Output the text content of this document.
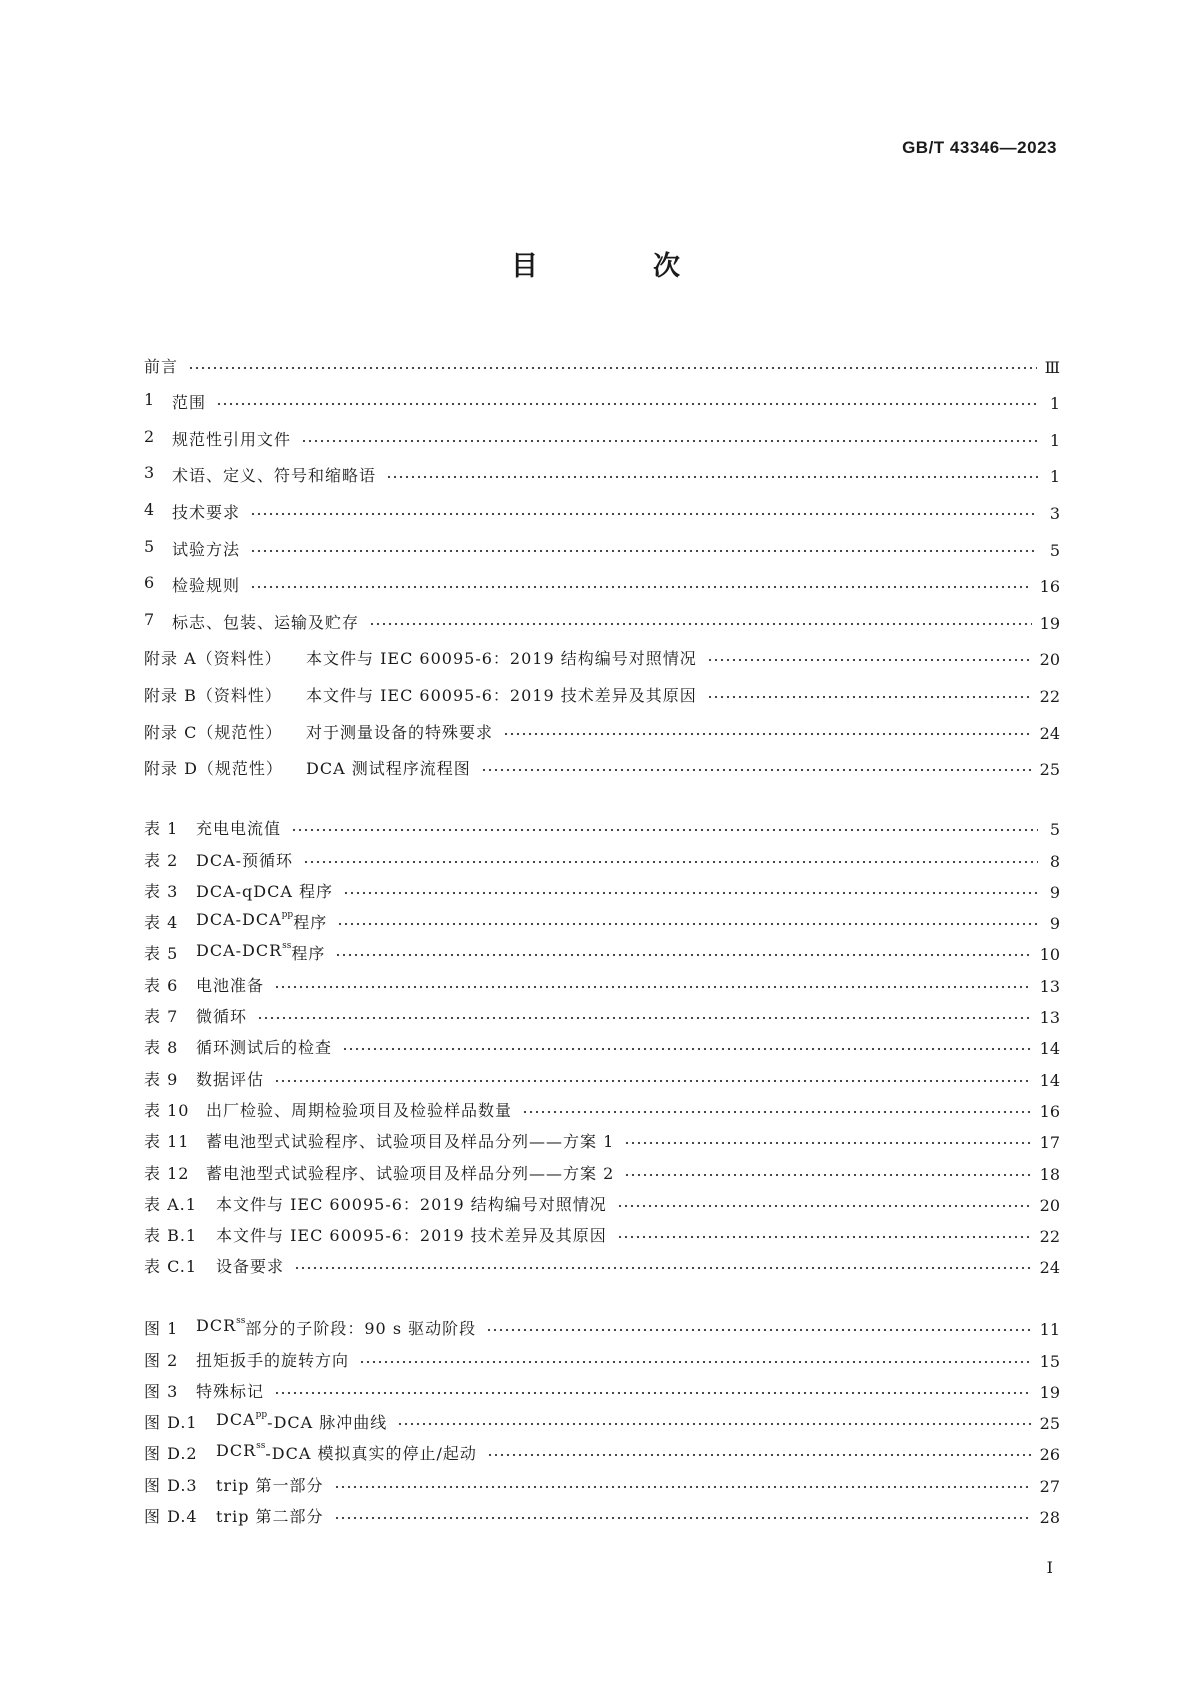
GB/T 43346—2023
目　次
前言	Ⅲ
1	范围	1
2	规范性引用文件	1
3	术语、定义、符号和缩略语	1
4	技术要求	3
5	试验方法	5
6	检验规则	16
7	标志、包装、运输及贮存	19
附录 A（资料性）	本文件与 IEC 60095-6：2019 结构编号对照情况	20
附录 B（资料性）	本文件与 IEC 60095-6：2019 技术差异及其原因	22
附录 C（规范性）	对于测量设备的特殊要求	24
附录 D（规范性）	DCA 测试程序流程图	25
表 1	充电电流值	5
表 2	DCA-预循环	8
表 3	DCA-qDCA 程序	9
表 4	DCA-DCA pp 程序	9
表 5	DCA-DCR ss 程序	10
表 6	电池准备	13
表 7	微循环	13
表 8	循环测试后的检查	14
表 9	数据评估	14
表 10	出厂检验、周期检验项目及检验样品数量	16
表 11	蓄电池型式试验程序、试验项目及样品分列——方案 1	17
表 12	蓄电池型式试验程序、试验项目及样品分列——方案 2	18
表 A.1	本文件与 IEC 60095-6：2019 结构编号对照情况	20
表 B.1	本文件与 IEC 60095-6：2019 技术差异及其原因	22
表 C.1	设备要求	24
图 1	DCR ss 部分的子阶段：90 s 驱动阶段	11
图 2	扭矩扳手的旋转方向	15
图 3	特殊标记	19
图 D.1	DCA pp -DCA 脉冲曲线	25
图 D.2	DCR ss -DCA 模拟真实的停止/起动	26
图 D.3	trip 第一部分	27
图 D.4	trip 第二部分	28
I
